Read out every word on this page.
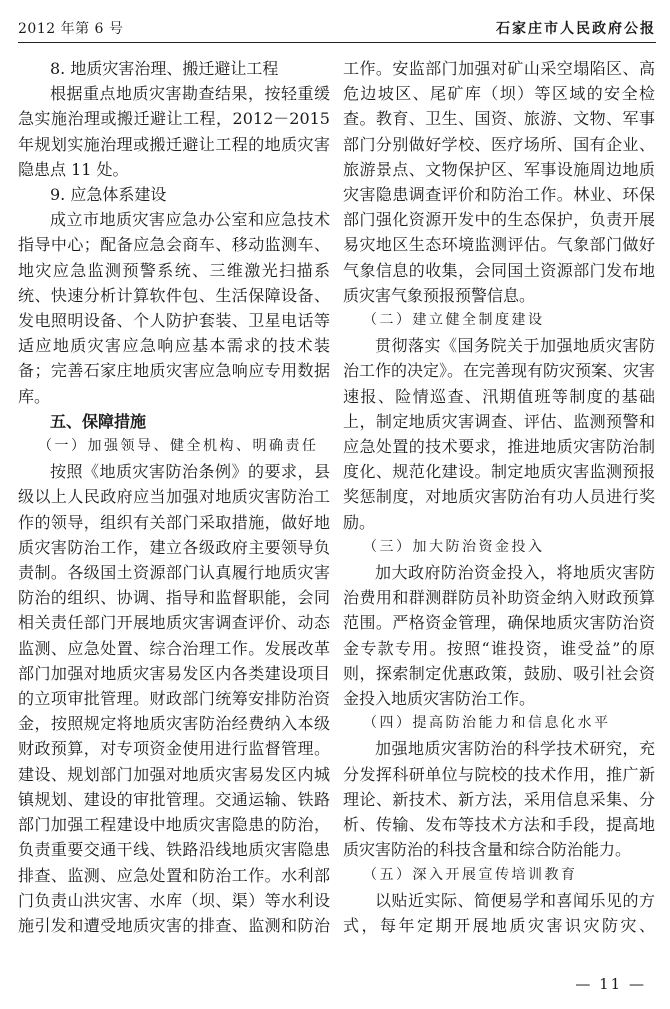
2012 年第 6 号	石家庄市人民政府公报
8. 地质灾害治理、搬迁避让工程

根据重点地质灾害勘查结果，按轻重缓急实施治理或搬迁避让工程，2012－2015 年规划实施治理或搬迁避让工程的地质灾害隐患点 11 处。

9. 应急体系建设

成立市地质灾害应急办公室和应急技术指导中心；配备应急会商车、移动监测车、地灾应急监测预警系统、三维激光扫描系统、快速分析计算软件包、生活保障设备、发电照明设备、个人防护套装、卫星电话等适应地质灾害应急响应基本需求的技术装备；完善石家庄地质灾害应急响应专用数据库。

五、保障措施
（一）加强领导、健全机构、明确责任

按照《地质灾害防治条例》的要求，县级以上人民政府应当加强对地质灾害防治工作的领导，组织有关部门采取措施，做好地质灾害防治工作，建立各级政府主要领导负责制。各级国土资源部门认真履行地质灾害防治的组织、协调、指导和监督职能，会同相关责任部门开展地质灾害调查评价、动态监测、应急处置、综合治理工作。发展改革部门加强对地质灾害易发区内各类建设项目的立项审批管理。财政部门统筹安排防治资金，按照规定将地质灾害防治经费纳入本级财政预算，对专项资金使用进行监督管理。建设、规划部门加强对地质灾害易发区内城镇规划、建设的审批管理。交通运输、铁路部门加强工程建设中地质灾害隐患的防治，负责重要交通干线、铁路沿线地质灾害隐患排查、监测、应急处置和防治工作。水利部门负责山洪灾害、水库（坝、渠）等水利设施引发和遭受地质灾害的排查、监测和防治

工作。安监部门加强对矿山采空塌陷区、高危边坡区、尾矿库（坝）等区域的安全检查。教育、卫生、国资、旅游、文物、军事部门分别做好学校、医疗场所、国有企业、旅游景点、文物保护区、军事设施周边地质灾害隐患调查评价和防治工作。林业、环保部门强化资源开发中的生态保护，负责开展易灾地区生态环境监测评估。气象部门做好气象信息的收集，会同国土资源部门发布地质灾害气象预报预警信息。

（二）建立健全制度建设

贯彻落实《国务院关于加强地质灾害防治工作的决定》。在完善现有防灾预案、灾害速报、险情巡查、汛期值班等制度的基础上，制定地质灾害调查、评估、监测预警和应急处置的技术要求，推进地质灾害防治制度化、规范化建设。制定地质灾害监测预报奖惩制度，对地质灾害防治有功人员进行奖励。

（三）加大防治资金投入

加大政府防治资金投入，将地质灾害防治费用和群测群防员补助资金纳入财政预算范围。严格资金管理，确保地质灾害防治资金专款专用。按照“谁投资，谁受益”的原则，探索制定优惠政策，鼓励、吸引社会资金投入地质灾害防治工作。

（四）提高防治能力和信息化水平

加强地质灾害防治的科学技术研究，充分发挥科研单位与院校的技术作用，推广新理论、新技术、新方法，采用信息采集、分析、传输、发布等技术方法和手段，提高地质灾害防治的科技含量和综合防治能力。

（五）深入开展宣传培训教育

以贴近实际、简便易学和喜闻乐见的方式，每年定期开展地质灾害识灾防灾、

— 11 —
